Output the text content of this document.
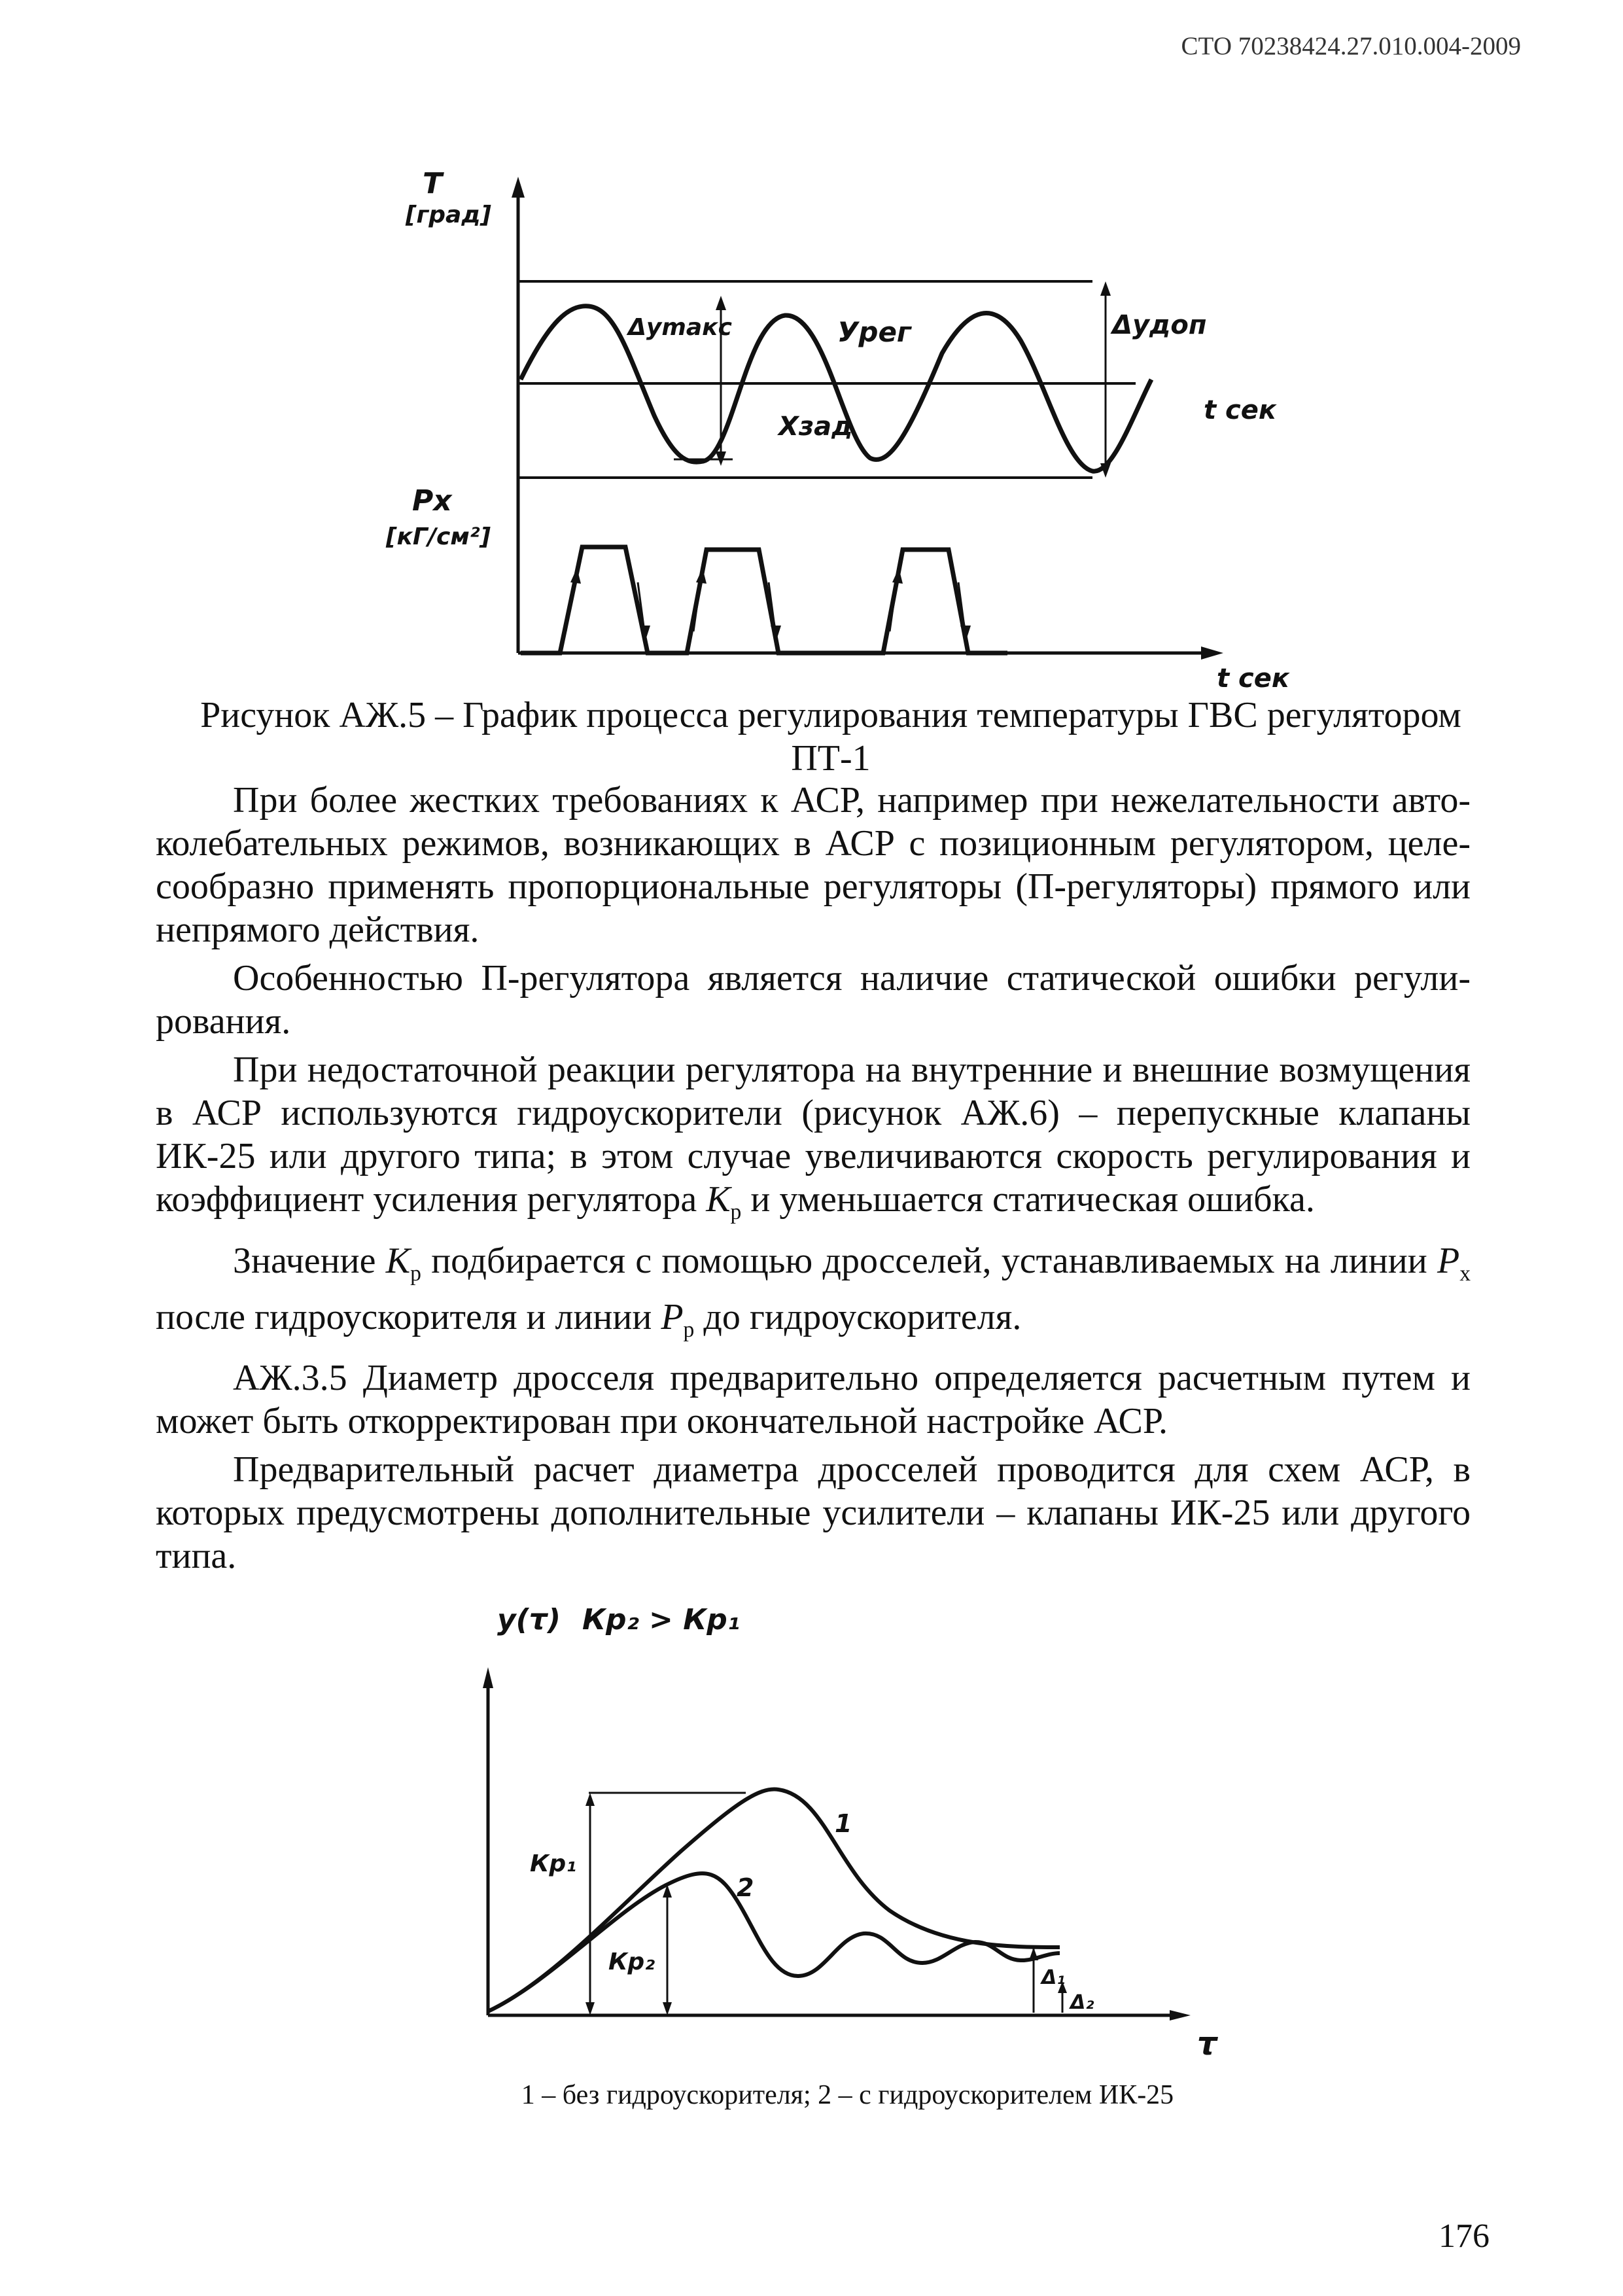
СТО 70238424.27.010.004-2009
T
[град]
Δуmакс	Урег
Xзад
Δудоп
t сек
Рх
[кГ/см²]
t сек
Рисунок АЖ.5 – График процесса регулирования температуры ГВС регулятором
ПТ-1

При более жестких требованиях к АСР, например при нежелательности автоколебательных режимов, возникающих в АСР с позиционным регулятором, целесообразно применять пропорциональные регуляторы (П-регуляторы) прямого или непрямого действия.

Особенностью П-регулятора является наличие статической ошибки регулирования.

При недостаточной реакции регулятора на внутренние и внешние возмущения в АСР используются гидроускорители (рисунок АЖ.6) – перепускные клапаны ИК-25 или другого типа; в этом случае увеличиваются скорость регулирования и коэффициент усиления регулятора $K_р$ и уменьшается статическая ошибка.

Значение $K_р$ подбирается с помощью дросселей, устанавливаемых на линии $P_х$ после гидроускорителя и линии $P_р$ до гидроускорителя.

АЖ.3.5 Диаметр дросселя предварительно определяется расчетным путем и может быть откорректирован при окончательной настройке АСР.

Предварительный расчет диаметра дросселей проводится для схем АСР, в которых предусмотрены дополнительные усилители – клапаны ИК-25 или другого типа.

у(τ) Кр₂ > Кр₁
Кр₁
Кр₂
1
2
Δ₁
Δ₂
τ
1 – без гидроускорителя; 2 – с гидроускорителем ИК-25
176
